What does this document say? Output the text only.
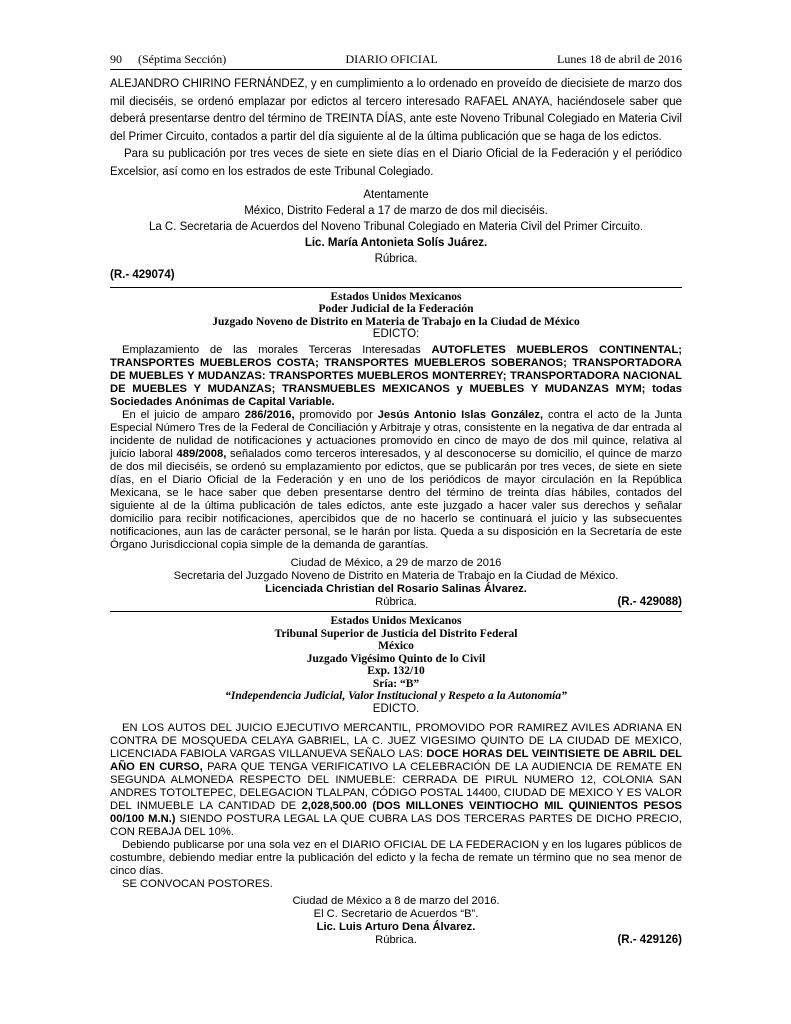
90 (Séptima Sección)	DIARIO OFICIAL	Lunes 18 de abril de 2016

ALEJANDRO CHIRINO FERNÁNDEZ, y en cumplimiento a lo ordenado en proveído de diecisiete de marzo dos mil dieciséis, se ordenó emplazar por edictos al tercero interesado RAFAEL ANAYA, haciéndosele saber que deberá presentarse dentro del término de TREINTA DÍAS, ante este Noveno Tribunal Colegiado en Materia Civil del Primer Circuito, contados a partir del día siguiente al de la última publicación que se haga de los edictos.

Para su publicación por tres veces de siete en siete días en el Diario Oficial de la Federación y el periódico Excelsior, así como en los estrados de este Tribunal Colegiado.

Atentamente

México, Distrito Federal a 17 de marzo de dos mil dieciséis.

La C. Secretaria de Acuerdos del Noveno Tribunal Colegiado en Materia Civil del Primer Circuito.

Lic. María Antonieta Solís Juárez.

Rúbrica.

(R.- 429074)

Estados Unidos Mexicanos
Poder Judicial de la Federación
Juzgado Noveno de Distrito en Materia de Trabajo en la Ciudad de México
EDICTO:

Emplazamiento de las morales Terceras Interesadas AUTOFLETES MUEBLEROS CONTINENTAL; TRANSPORTES MUEBLEROS COSTA; TRANSPORTES MUEBLEROS SOBERANOS; TRANSPORTADORA DE MUEBLES Y MUDANZAS: TRANSPORTES MUEBLEROS MONTERREY; TRANSPORTADORA NACIONAL DE MUEBLES Y MUDANZAS; TRANSMUEBLES MEXICANOS y MUEBLES Y MUDANZAS MYM; todas Sociedades Anónimas de Capital Variable.

En el juicio de amparo 286/2016, promovido por Jesús Antonio Islas González, contra el acto de la Junta Especial Número Tres de la Federal de Conciliación y Arbitraje y otras, consistente en la negativa de dar entrada al incidente de nulidad de notificaciones y actuaciones promovido en cinco de mayo de dos mil quince, relativa al juicio laboral 489/2008, señalados como terceros interesados, y al desconocerse su domicilio, el quince de marzo de dos mil dieciséis, se ordenó su emplazamiento por edictos, que se publicarán por tres veces, de siete en siete días, en el Diario Oficial de la Federación y en uno de los periódicos de mayor circulación en la República Mexicana, se le hace saber que deben presentarse dentro del término de treinta días hábiles, contados del siguiente al de la última publicación de tales edictos, ante este juzgado a hacer valer sus derechos y señalar domicilio para recibir notificaciones, apercibidos que de no hacerlo se continuará el juicio y las subsecuentes notificaciones, aun las de carácter personal, se le harán por lista. Queda a su disposición en la Secretaría de este Órgano Jurisdiccional copia simple de la demanda de garantías.

Ciudad de México, a 29 de marzo de 2016

Secretaria del Juzgado Noveno de Distrito en Materia de Trabajo en la Ciudad de México.

Licenciada Christian del Rosario Salinas Álvarez.

Rúbrica.	(R.- 429088)
Estados Unidos Mexicanos
Tribunal Superior de Justicia del Distrito Federal
México
Juzgado Vigésimo Quinto de lo Civil
Exp. 132/10
Sría: “B”
“Independencia Judicial, Valor Institucional y Respeto a la Autonomía”
EDICTO.

EN LOS AUTOS DEL JUICIO EJECUTIVO MERCANTIL, PROMOVIDO POR RAMIREZ AVILES ADRIANA EN CONTRA DE MOSQUEDA CELAYA GABRIEL, LA C. JUEZ VIGESIMO QUINTO DE LA CIUDAD DE MEXICO, LICENCIADA FABIOLA VARGAS VILLANUEVA SEÑALO LAS: DOCE HORAS DEL VEINTISIETE DE ABRIL DEL AÑO EN CURSO, PARA QUE TENGA VERIFICATIVO LA CELEBRACIÓN DE LA AUDIENCIA DE REMATE EN SEGUNDA ALMONEDA RESPECTO DEL INMUEBLE: CERRADA DE PIRUL NUMERO 12, COLONIA SAN ANDRES TOTOLTEPEC, DELEGACION TLALPAN, CÓDIGO POSTAL 14400, CIUDAD DE MEXICO Y ES VALOR DEL INMUEBLE LA CANTIDAD DE 2,028,500.00 (DOS MILLONES VEINTIOCHO MIL QUINIENTOS PESOS 00/100 M.N.) SIENDO POSTURA LEGAL LA QUE CUBRA LAS DOS TERCERAS PARTES DE DICHO PRECIO, CON REBAJA DEL 10%.

Debiendo publicarse por una sola vez en el DIARIO OFICIAL DE LA FEDERACION y en los lugares públicos de costumbre, debiendo mediar entre la publicación del edicto y la fecha de remate un término que no sea menor de cinco días.

SE CONVOCAN POSTORES.

Ciudad de México a 8 de marzo del 2016.

El C. Secretario de Acuerdos “B”.

Lic. Luis Arturo Dena Álvarez.

Rúbrica.	(R.- 429126)
